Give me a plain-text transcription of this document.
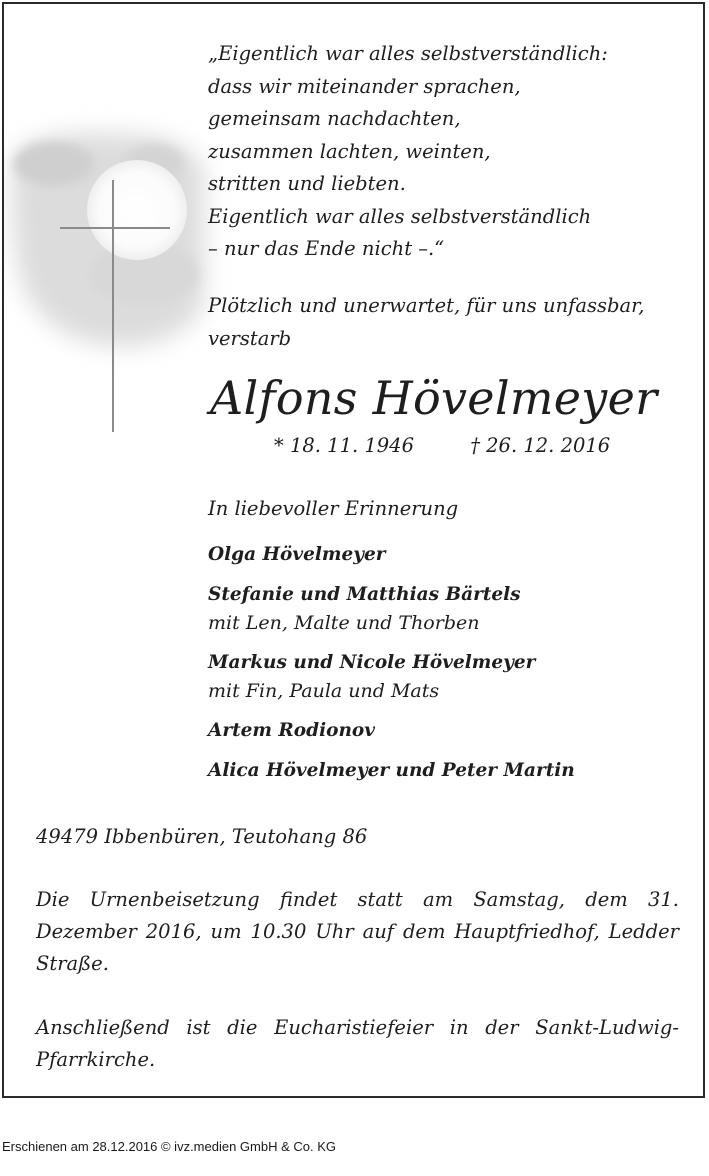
„Eigentlich war alles selbstverständlich:
dass wir miteinander sprachen,
gemeinsam nachdachten,
zusammen lachten, weinten,
stritten und liebten.
Eigentlich war alles selbstverständlich
– nur das Ende nicht –.“
Plötzlich und unerwartet, für uns unfassbar,
verstarb
Alfons Hövelmeyer
* 18. 11. 1946	† 26. 12. 2016
In liebevoller Erinnerung
Olga Hövelmeyer
Stefanie und Matthias Bärtels
mit Len, Malte und Thorben
Markus und Nicole Hövelmeyer
mit Fin, Paula und Mats
Artem Rodionov
Alica Hövelmeyer und Peter Martin
49479 Ibbenbüren, Teutohang 86

Die Urnenbeisetzung findet statt am Samstag, dem 31. Dezember 2016, um 10.30 Uhr auf dem Hauptfriedhof, Ledder Straße.

Anschließend ist die Eucharistiefeier in der Sankt-Ludwig-Pfarrkirche.

Erschienen am 28.12.2016 © ivz.medien GmbH & Co. KG
